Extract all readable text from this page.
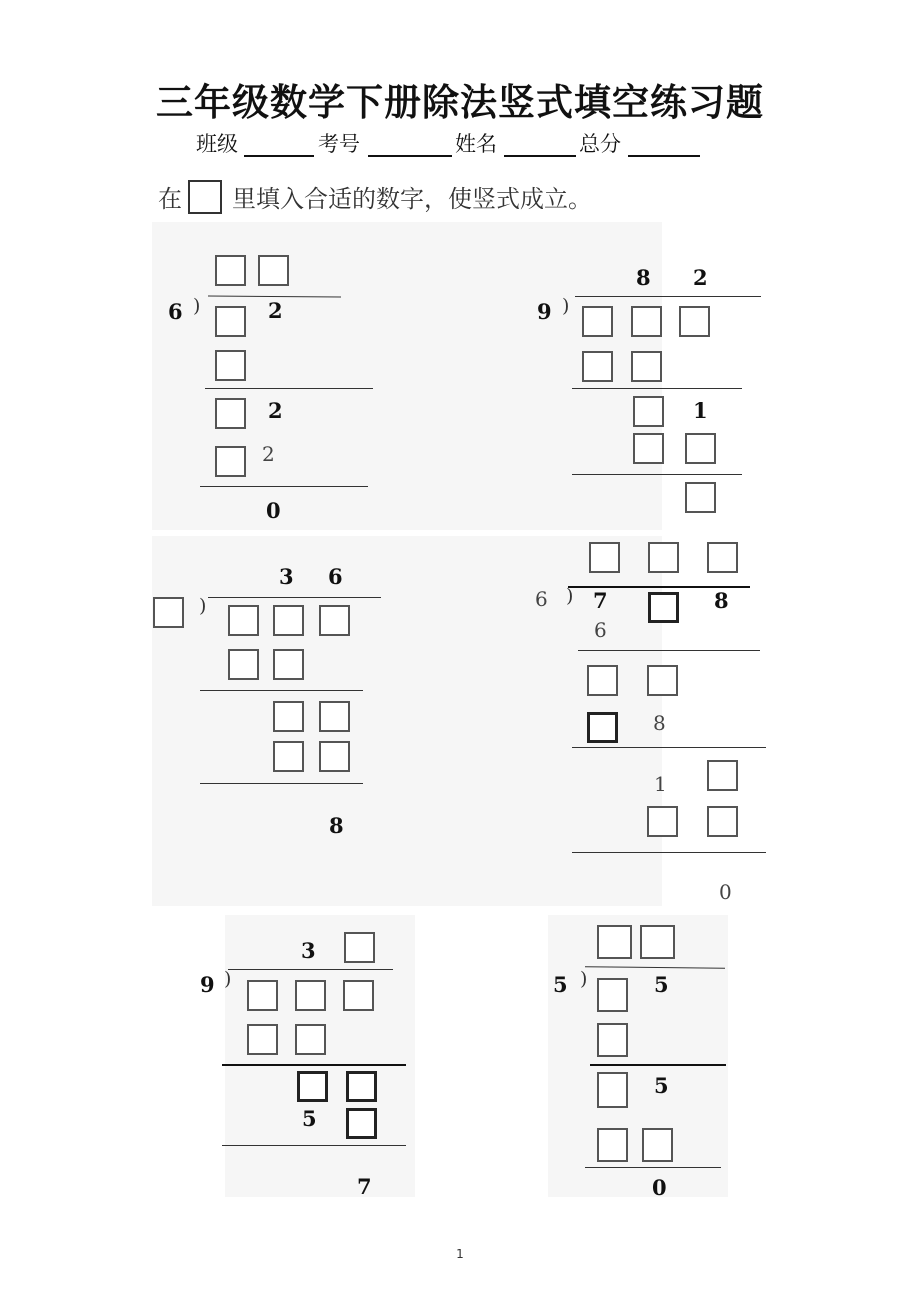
三年级数学下册除法竖式填空练习题
班级	考号	姓名	总分
在 里填入合适的数字，使竖式成立。
6 )	2
2
2
0
8 2
9 )
1
3 6
)
8
6 ) 7	8
6
8
1
0
3
9 )
5
7
5 )	5
5
0
1
